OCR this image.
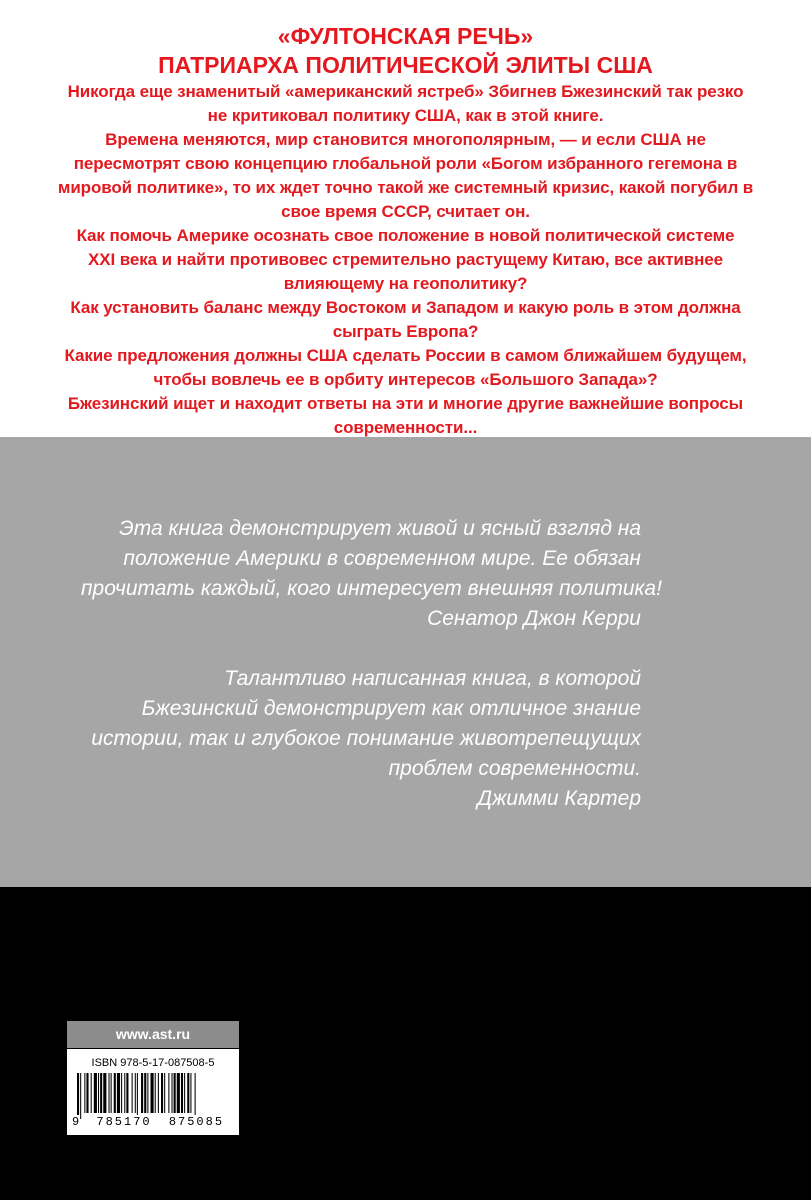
«ФУЛТОНСКАЯ РЕЧЬ»
ПАТРИАРХА ПОЛИТИЧЕСКОЙ ЭЛИТЫ США
Никогда еще знаменитый «американский ястреб» Збигнев Бжезинский так резко
не критиковал политику США, как в этой книге.
Времена меняются, мир становится многополярным, — и если США не
пересмотрят свою концепцию глобальной роли «Богом избранного гегемона в
мировой политике», то их ждет точно такой же системный кризис, какой погубил в
свое время СССР, считает он.
Как помочь Америке осознать свое положение в новой политической системе
XXI века и найти противовес стремительно растущему Китаю, все активнее
влияющему на геополитику?
Как установить баланс между Востоком и Западом и какую роль в этом должна
сыграть Европа?
Какие предложения должны США сделать России в самом ближайшем будущем,
чтобы вовлечь ее в орбиту интересов «Большого Запада»?
Бжезинский ищет и находит ответы на эти и многие другие важнейшие вопросы
современности...
Эта книга демонстрирует живой и ясный взгляд на
положение Америки в современном мире. Ее обязан
прочитать каждый, кого интересует внешняя политика!
Сенатор Джон Керри
Талантливо написанная книга, в которой
Бжезинский демонстрирует как отличное знание
истории, так и глубокое понимание животрепещущих
проблем современности.
Джимми Картер
www.ast.ru
ISBN 978-5-17-087508-5
9 785170 875085
